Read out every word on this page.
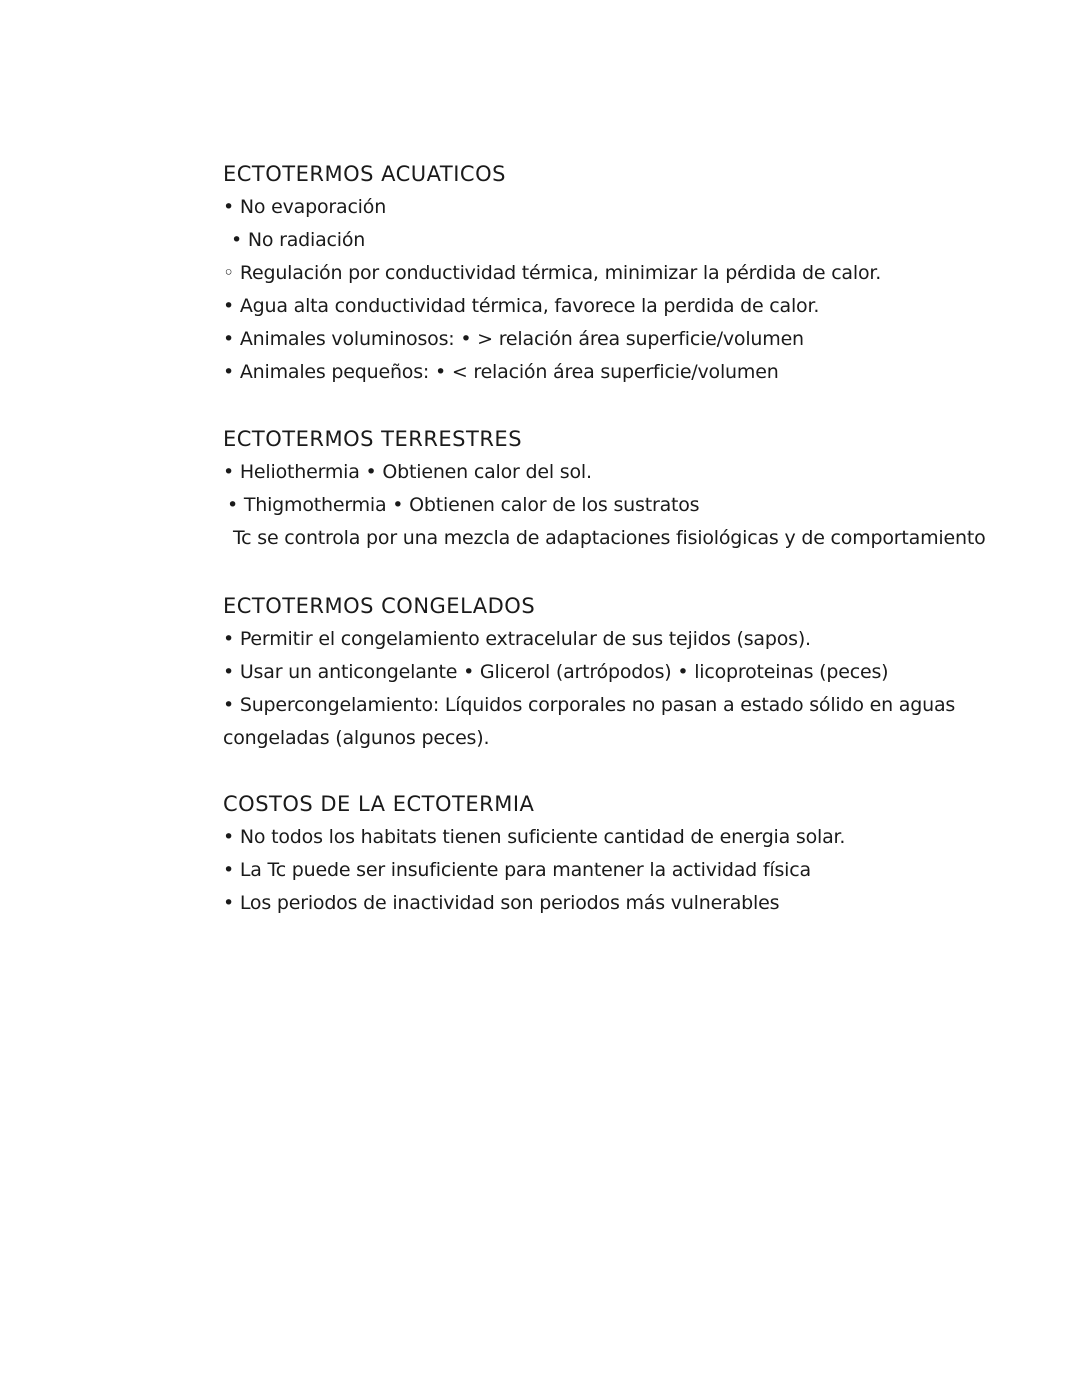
ECTOTERMOS ACUATICOS
• No evaporación
• No radiación
◦ Regulación por conductividad térmica, minimizar la pérdida de calor.
• Agua alta conductividad térmica, favorece la perdida de calor.
• Animales voluminosos: • > relación área superficie/volumen
• Animales pequeños: • < relación área superficie/volumen
ECTOTERMOS TERRESTRES
• Heliothermia • Obtienen calor del sol.
• Thigmothermia • Obtienen calor de los sustratos
Tc se controla por una mezcla de adaptaciones fisiológicas y de comportamiento
ECTOTERMOS CONGELADOS
• Permitir el congelamiento extracelular de sus tejidos (sapos).
• Usar un anticongelante • Glicerol (artrópodos) • licoproteinas (peces)
• Supercongelamiento: Líquidos corporales no pasan a estado sólido en aguas
congeladas (algunos peces).
COSTOS DE LA ECTOTERMIA
• No todos los habitats tienen suficiente cantidad de energia solar.
• La Tc puede ser insuficiente para mantener la actividad física
• Los periodos de inactividad son periodos más vulnerables
